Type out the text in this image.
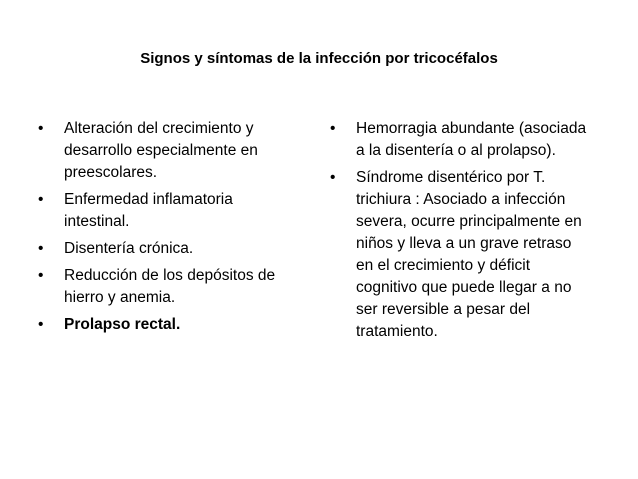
Signos y síntomas de la infección por tricocéfalos
•	Alteración del crecimiento y desarrollo especialmente en preescolares.
•	Enfermedad inflamatoria intestinal.
•	Disentería crónica.
•	Reducción de los depósitos de hierro y anemia.
•	Prolapso rectal.
•	Hemorragia abundante (asociada a la disentería o al prolapso).
•	Síndrome disentérico por T. trichiura : Asociado a infección severa, ocurre principalmente en niños y lleva a un grave retraso en el crecimiento y déficit cognitivo que puede llegar a no ser reversible a pesar del tratamiento.
